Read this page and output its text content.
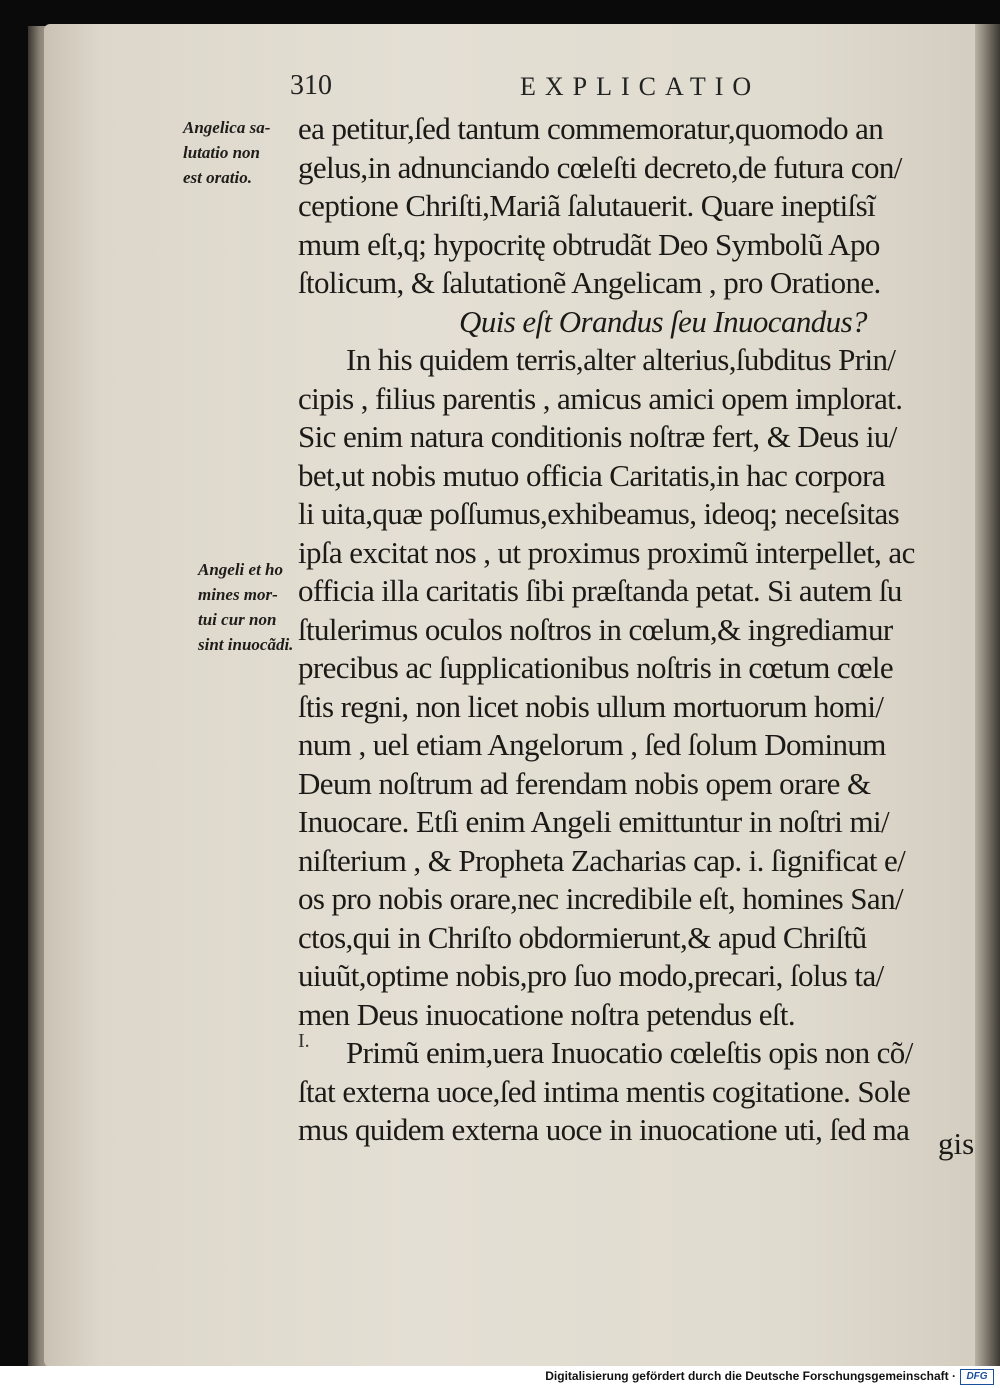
310	EXPLICATIO
Angelica sa-
lutatio non
est oratio.
Angeli et ho
mines mor-
tui cur non
sint inuocãdi.
I.
ea petitur,ſed tantum commemoratur,quomodo an
gelus,in adnunciando cœleſti decreto,de futura con/
ceptione Chriſti,Mariã ſalutauerit. Quare ineptiſsĩ
mum eſt,q; hypocritę obtrudãt Deo Symbolũ Apo
ſtolicum, & ſalutationẽ Angelicam , pro Oratione.
Quis eſt Orandus ſeu Inuocandus?
In his quidem terris,alter alterius,ſubditus Prin/
cipis , filius parentis , amicus amici opem implorat.
Sic enim natura conditionis noſtræ fert, & Deus iu/
bet,ut nobis mutuo officia Caritatis,in hac corpora
li uita,quæ poſſumus,exhibeamus, ideoq; neceſsitas
ipſa excitat nos , ut proximus proximũ interpellet, ac
officia illa caritatis ſibi præſtanda petat. Si autem ſu
ſtulerimus oculos noſtros in cœlum,& ingrediamur
precibus ac ſupplicationibus noſtris in cœtum cœle
ſtis regni, non licet nobis ullum mortuorum homi/
num , uel etiam Angelorum , ſed ſolum Dominum
Deum noſtrum ad ferendam nobis opem orare &
Inuocare. Etſi enim Angeli emittuntur in noſtri mi/
niſterium , & Propheta Zacharias cap. i. ſignificat e/
os pro nobis orare,nec incredibile eſt, homines San/
ctos,qui in Chriſto obdormierunt,& apud Chriſtũ
uiuũt,optime nobis,pro ſuo modo,precari, ſolus ta/
men Deus inuocatione noſtra petendus eſt.
Primũ enim,uera Inuocatio cœleſtis opis non cõ/
ſtat externa uoce,ſed intima mentis cogitatione. Sole
mus quidem externa uoce in inuocatione uti, ſed ma gis
Digitalisierung gefördert durch die Deutsche Forschungsgemeinschaft ·	DFG
